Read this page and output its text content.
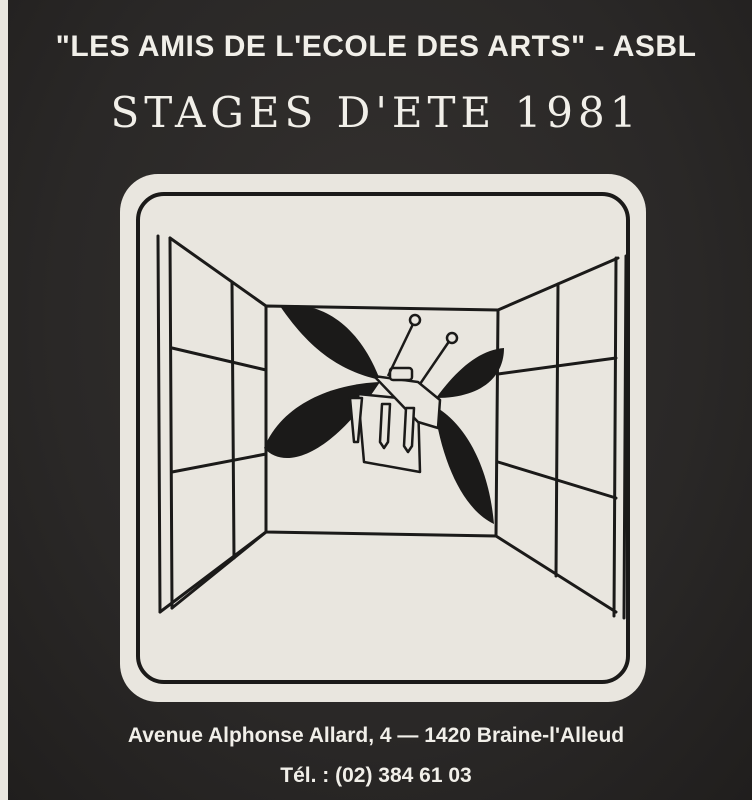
"LES AMIS DE L'ECOLE DES ARTS" - ASBL
STAGES D'ETE 1981
Avenue Alphonse Allard, 4 — 1420 Braine-l'Alleud
Tél. : (02) 384 61 03
